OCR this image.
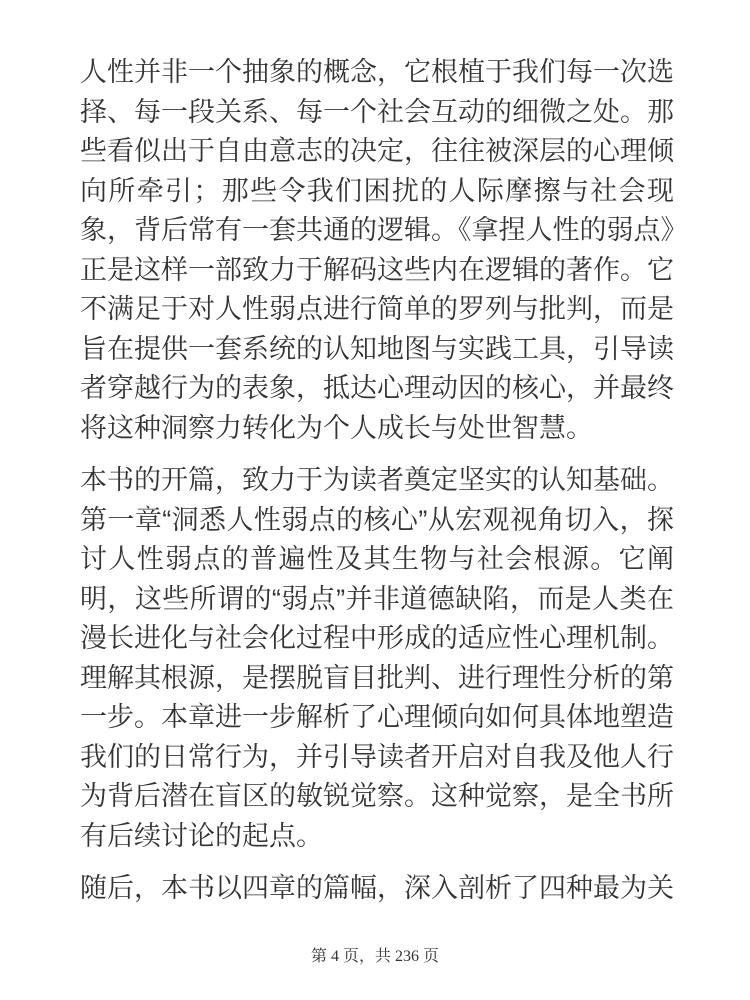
人性并非一个抽象的概念，它根植于我们每一次选择、每一段关系、每一个社会互动的细微之处。那些看似出于自由意志的决定，往往被深层的心理倾向所牵引；那些令我们困扰的人际摩擦与社会现象，背后常有一套共通的逻辑。《拿捏人性的弱点》正是这样一部致力于解码这些内在逻辑的著作。它不满足于对人性弱点进行简单的罗列与批判，而是旨在提供一套系统的认知地图与实践工具，引导读者穿越行为的表象，抵达心理动因的核心，并最终将这种洞察力转化为个人成长与处世智慧。

本书的开篇，致力于为读者奠定坚实的认知基础。第一章“洞悉人性弱点的核心”从宏观视角切入，探讨人性弱点的普遍性及其生物与社会根源。它阐明，这些所谓的“弱点”并非道德缺陷，而是人类在漫长进化与社会化过程中形成的适应性心理机制。理解其根源，是摆脱盲目批判、进行理性分析的第一步。本章进一步解析了心理倾向如何具体地塑造我们的日常行为，并引导读者开启对自我及他人行为背后潜在盲区的敏锐觉察。这种觉察，是全书所有后续讨论的起点。

随后，本书以四章的篇幅，深入剖析了四种最为关

第 4 页，共 236 页
